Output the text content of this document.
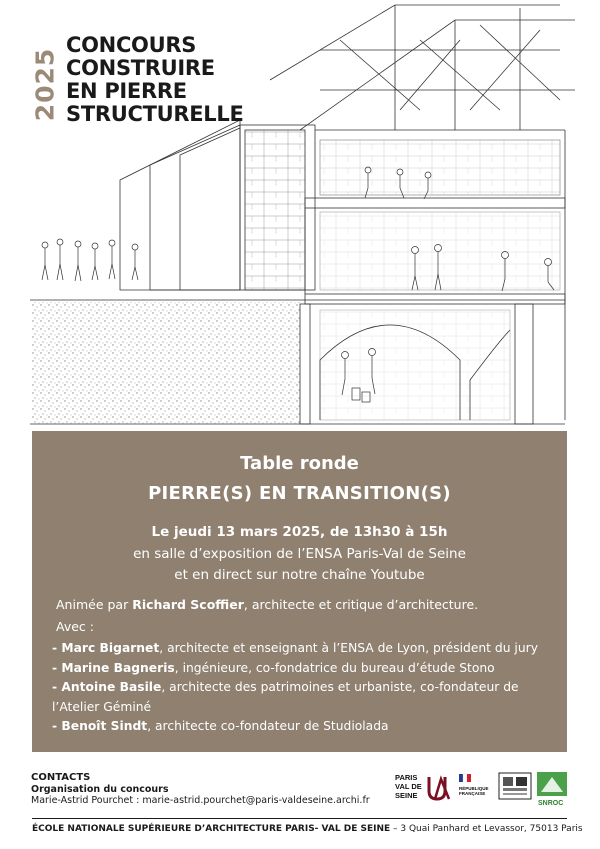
2025
CONCOURS
CONSTRUIRE
EN PIERRE
STRUCTURELLE
Table ronde
PIERRE(S) EN TRANSITION(S)
Le jeudi 13 mars 2025, de 13h30 à 15h
en salle d’exposition de l’ENSA Paris-Val de Seine
et en direct sur notre chaîne Youtube
Animée par Richard Scoffier, architecte et critique d’architecture.
Avec :
- Marc Bigarnet, architecte et enseignant à l’ENSA de Lyon, président du jury
- Marine Bagneris, ingénieure, co-fondatrice du bureau d’étude Stono
- Antoine Basile, architecte des patrimoines et urbaniste, co-fondateur de
l’Atelier Géminé
- Benoît Sindt, architecte co-fondateur de Studiolada
CONTACTS
Organisation du concours
Marie-Astrid Pourchet : marie-astrid.pourchet@paris-valdeseine.archi.fr
PARIS
VAL DE
SEINE
RÉPUBLIQUE
FRANÇAISE
SNROC
ÉCOLE NATIONALE SUPÉRIEURE D’ARCHITECTURE PARIS- VAL DE SEINE – 3 Quai Panhard et Levassor, 75013 Paris
